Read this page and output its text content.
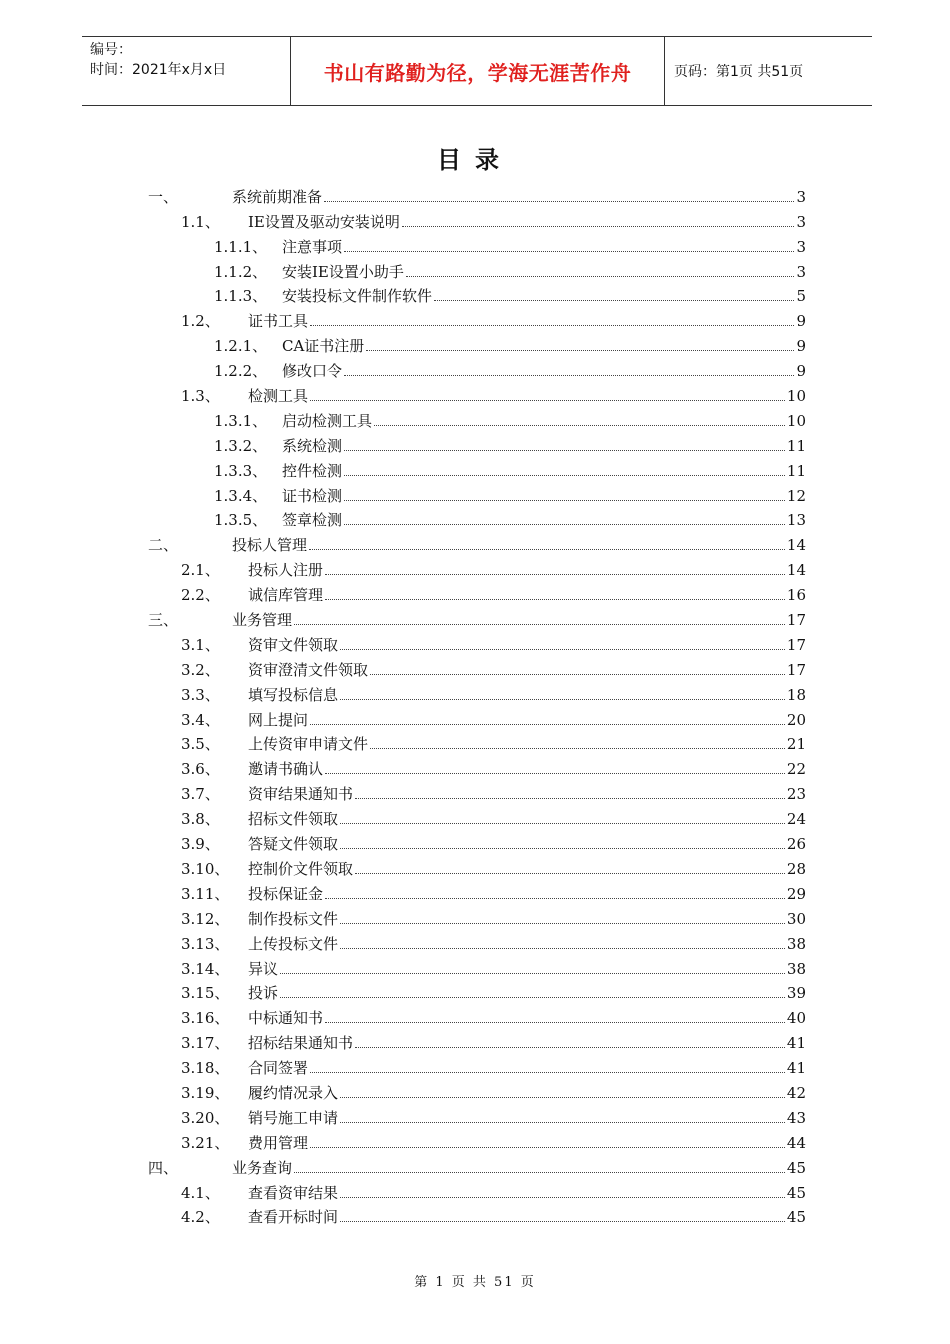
编号：
时间：2021年x月x日	书山有路勤为径，学海无涯苦作舟	页码：第1页 共51页
目录
一、	系统前期准备	3
1.1、 IE设置及驱动安装说明	3
1.1.1、 注意事项	3
1.1.2、 安装IE设置小助手	3
1.1.3、 安装投标文件制作软件	5
1.2、 证书工具	9
1.2.1、 CA证书注册	9
1.2.2、 修改口令	9
1.3、 检测工具	10
1.3.1、 启动检测工具	10
1.3.2、 系统检测	11
1.3.3、 控件检测	11
1.3.4、 证书检测	12
1.3.5、 签章检测	13
二、	投标人管理	14
2.1、 投标人注册	14
2.2、 诚信库管理	16
三、	业务管理	17
3.1、 资审文件领取	17
3.2、 资审澄清文件领取	17
3.3、 填写投标信息	18
3.4、 网上提问	20
3.5、 上传资审申请文件	21
3.6、 邀请书确认	22
3.7、 资审结果通知书	23
3.8、 招标文件领取	24
3.9、 答疑文件领取	26
3.10、 控制价文件领取	28
3.11、 投标保证金	29
3.12、 制作投标文件	30
3.13、 上传投标文件	38
3.14、 异议	38
3.15、 投诉	39
3.16、 中标通知书	40
3.17、 招标结果通知书	41
3.18、 合同签署	41
3.19、 履约情况录入	42
3.20、 销号施工申请	43
3.21、 费用管理	44
四、	业务查询	45
4.1、 查看资审结果	45
4.2、 查看开标时间	45
第 1 页 共 51 页
